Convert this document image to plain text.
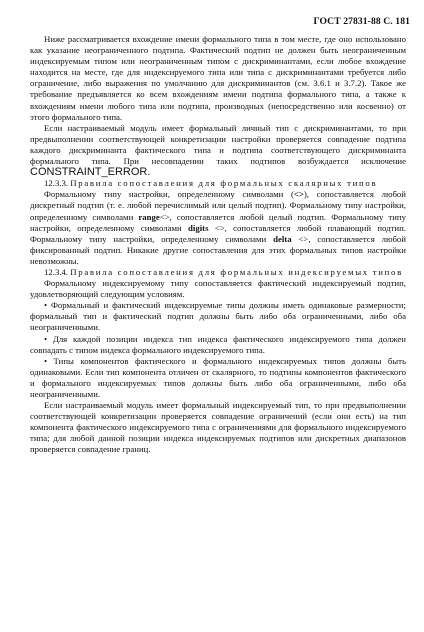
ГОСТ 27831-88 С. 181

Ниже рассматривается вхождение имени формального типа в том месте, где оно использовано как указание неограниченного подтипа. Фактический подтип не должен быть неограниченным индексируемым типом или неограниченным типом с дискриминантами, если любое вхождение находится на месте, где для индексируемого типа или типа с дискриминантами требуется либо ограничение, либо выражения по умолчанию для дискриминантов (см. 3.6.1 и 3.7.2). Такое же требование предъявляется ко всем вхождениям имени подтипа формального типа, а также к вхождениям имени любого типа или подтипа, производных (непосредственно или косвенно) от этого формального типа.

Если настраиваемый модуль имеет формальный личный тип с дискриминантами, то при предвыполнении соответствующей конкретизации настройки проверяется совпадение подтипа каждого дискриминанта фактического типа и подтипа соответствующего дискриминанта формального типа. При несовпадении таких подтипов возбуждается исключение CONSTRAINT_ERROR.

12.3.3. Правила сопоставления для формальных скалярных типов

Формальному типу настройки, определенному символами (<>), сопоставляется любой дискретный подтип (т. е. любой перечислимый или целый подтип). Формальному типу настройки, определенному символами range<>, сопоставляется любой целый подтип. Формальному типу настройки, определенному символами digits <>, сопоставляется любой плавающий подтип. Формальному типу настройки, определенному символами delta <>, сопоставляется любой фиксированный подтип. Никакие другие сопоставления для этих формальных типов настройки невозможны.

12.3.4. Правила сопоставления для формальных индексируемых типов

Формальному индексируемому типу сопоставляется фактический индексируемый подтип, удовлетворяющий следующим условиям.

• Формальный и фактический индексируемые типы должны иметь одинаковые размерности; формальный тип и фактический подтип должны быть либо оба ограниченными, либо оба неограниченными.

• Для каждой позиции индекса тип индекса фактического индексируемого типа должен совпадать с типом индекса формального индексируемого типа.

• Типы компонентов фактического и формального индексируемых типов должны быть одинаковыми. Если тип компонента отличен от скалярного, то подтипы компонентов фактического и формального индексируемых типов должны быть либо оба ограниченными, либо оба неограниченными.

Если настраиваемый модуль имеет формальный индексируемый тип, то при предвыполнении соответствующей конкретизации проверяется совпадение ограничений (если они есть) на тип компонента фактического индексируемого типа с ограничениями для формального индексируемого типа; для любой данной позиции индекса индексируемых подтипов или дискретных диапазонов проверяется совпадение границ.
